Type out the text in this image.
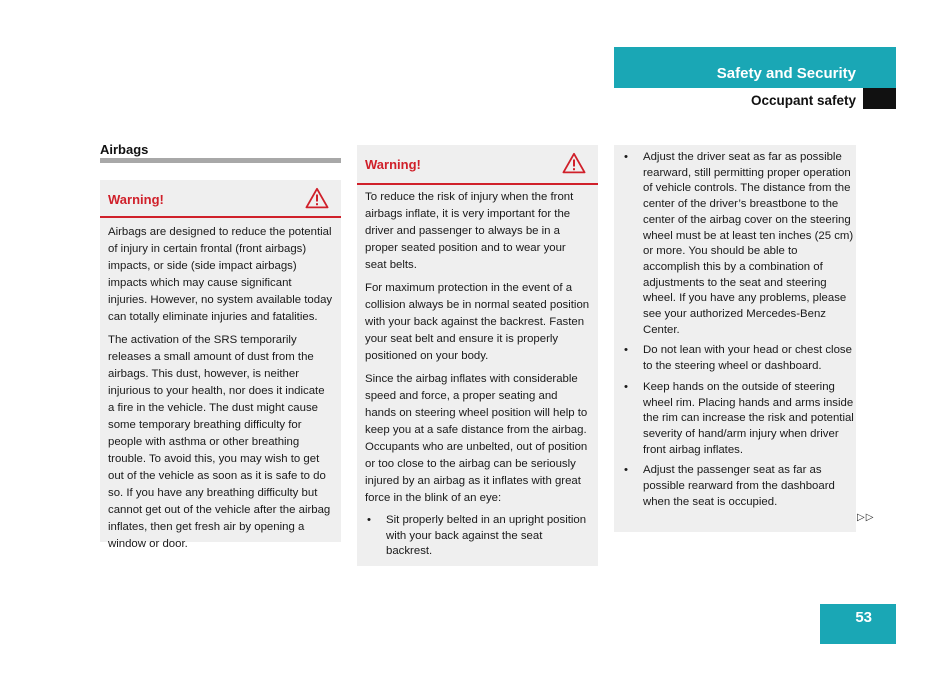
Safety and Security
Occupant safety
Airbags
Warning!

Airbags are designed to reduce the potential of injury in certain frontal (front airbags) impacts, or side (side impact airbags) impacts which may cause significant injuries. However, no system available today can totally eliminate injuries and fatalities.

The activation of the SRS temporarily releases a small amount of dust from the airbags. This dust, however, is neither injurious to your health, nor does it indicate a fire in the vehicle. The dust might cause some temporary breathing difficulty for people with asthma or other breathing trouble. To avoid this, you may wish to get out of the vehicle as soon as it is safe to do so. If you have any breathing difficulty but cannot get out of the vehicle after the airbag inflates, then get fresh air by opening a window or door.

Warning!

To reduce the risk of injury when the front airbags inflate, it is very important for the driver and passenger to always be in a proper seated position and to wear your seat belts.

For maximum protection in the event of a collision always be in normal seated position with your back against the backrest. Fasten your seat belt and ensure it is properly positioned on your body.

Since the airbag inflates with considerable speed and force, a proper seating and hands on steering wheel position will help to keep you at a safe distance from the airbag. Occupants who are unbelted, out of position or too close to the airbag can be seriously injured by an airbag as it inflates with great force in the blink of an eye:

• Sit properly belted in an upright position with your back against the seat backrest.
• Adjust the driver seat as far as possible rearward, still permitting proper operation of vehicle controls. The distance from the center of the driver’s breastbone to the center of the airbag cover on the steering wheel must be at least ten inches (25 cm) or more. You should be able to accomplish this by a combination of adjustments to the seat and steering wheel. If you have any problems, please see your authorized Mercedes-Benz Center.
• Do not lean with your head or chest close to the steering wheel or dashboard.
• Keep hands on the outside of steering wheel rim. Placing hands and arms inside the rim can increase the risk and potential severity of hand/arm injury when driver front airbag inflates.
• Adjust the passenger seat as far as possible rearward from the dashboard when the seat is occupied.
▷▷
53
